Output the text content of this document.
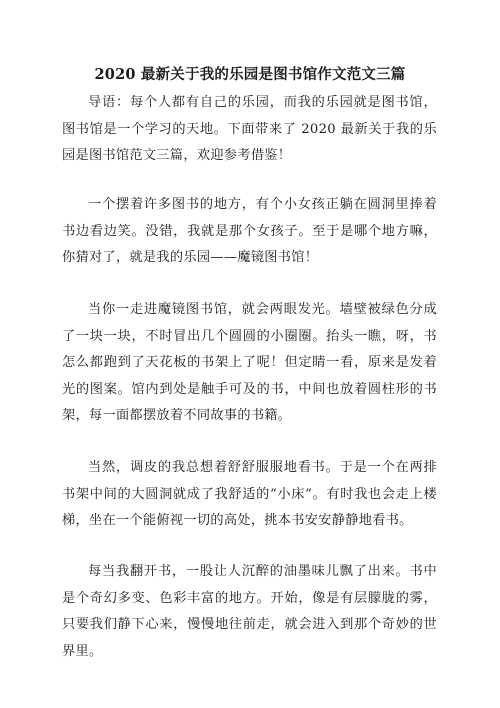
2020 最新关于我的乐园是图书馆作文范文三篇

导语：每个人都有自己的乐园，而我的乐园就是图书馆，图书馆是一个学习的天地。下面带来了 2020 最新关于我的乐园是图书馆范文三篇，欢迎参考借鉴！

一个摆着许多图书的地方，有个小女孩正躺在圆洞里捧着书边看边笑。没错，我就是那个女孩子。至于是哪个地方嘛，你猜对了，就是我的乐园——魔镜图书馆！

当你一走进魔镜图书馆，就会两眼发光。墙壁被绿色分成了一块一块，不时冒出几个圆圆的小圈圈。抬头一瞧，呀，书怎么都跑到了天花板的书架上了呢！但定睛一看，原来是发着光的图案。馆内到处是触手可及的书，中间也放着圆柱形的书架，每一面都摆放着不同故事的书籍。

当然，调皮的我总想着舒舒服服地看书。于是一个在两排书架中间的大圆洞就成了我舒适的“小床”。有时我也会走上楼梯，坐在一个能俯视一切的高处，挑本书安安静静地看书。

每当我翻开书，一股让人沉醉的油墨味儿飘了出来。书中是个奇幻多变、色彩丰富的地方。开始，像是有层朦胧的雾，只要我们静下心来，慢慢地往前走，就会进入到那个奇妙的世界里。
